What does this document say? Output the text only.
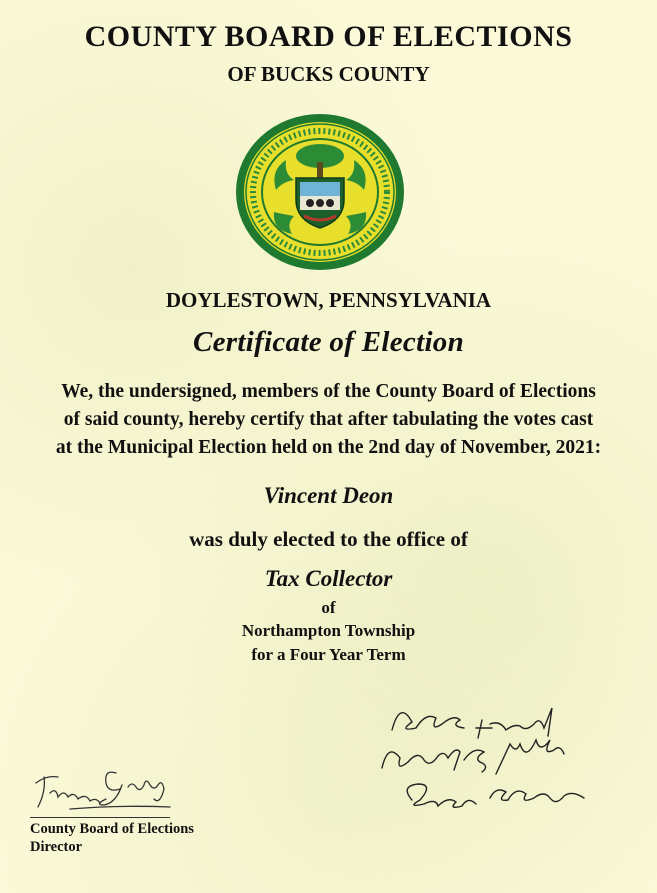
COUNTY BOARD OF ELECTIONS
OF BUCKS COUNTY
DOYLESTOWN, PENNSYLVANIA
Certificate of Election
We, the undersigned, members of the County Board of Elections
of said county, hereby certify that after tabulating the votes cast
at the Municipal Election held on the 2nd day of November, 2021:
Vincent Deon
was duly elected to the office of
Tax Collector
of
Northampton Township
for a Four Year Term
County Board of Elections
Director
